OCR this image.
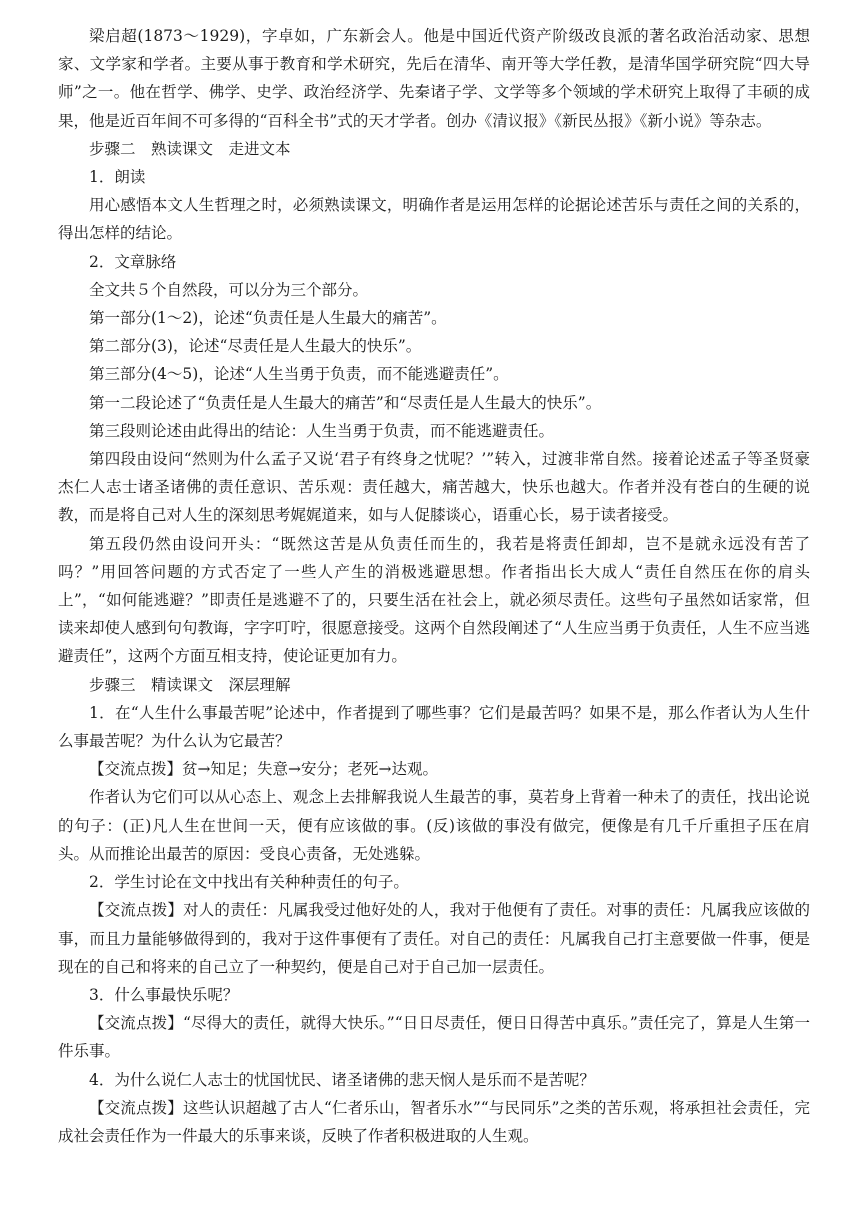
梁启超(1873～1929)，字卓如，广东新会人。他是中国近代资产阶级改良派的著名政治活动家、思想家、文学家和学者。主要从事于教育和学术研究，先后在清华、南开等大学任教，是清华国学研究院“四大导师”之一。他在哲学、佛学、史学、政治经济学、先秦诸子学、文学等多个领域的学术研究上取得了丰硕的成果，他是近百年间不可多得的“百科全书”式的天才学者。创办《清议报》《新民丛报》《新小说》等杂志。

步骤二　熟读课文　走进文本

1．朗读

用心感悟本文人生哲理之时，必须熟读课文，明确作者是运用怎样的论据论述苦乐与责任之间的关系的，得出怎样的结论。

2．文章脉络

全文共５个自然段，可以分为三个部分。

第一部分(1～2)，论述“负责任是人生最大的痛苦”。

第二部分(3)，论述“尽责任是人生最大的快乐”。

第三部分(4～5)，论述“人生当勇于负责，而不能逃避责任”。

第一二段论述了“负责任是人生最大的痛苦”和“尽责任是人生最大的快乐”。

第三段则论述由此得出的结论：人生当勇于负责，而不能逃避责任。

第四段由设问“然则为什么孟子又说‘君子有终身之忧呢？’”转入，过渡非常自然。接着论述孟子等圣贤豪杰仁人志士诸圣诸佛的责任意识、苦乐观：责任越大，痛苦越大，快乐也越大。作者并没有苍白的生硬的说教，而是将自己对人生的深刻思考娓娓道来，如与人促膝谈心，语重心长，易于读者接受。

第五段仍然由设问开头：“既然这苦是从负责任而生的，我若是将责任卸却，岂不是就永远没有苦了吗？”用回答问题的方式否定了一些人产生的消极逃避思想。作者指出长大成人“责任自然压在你的肩头上”，“如何能逃避？”即责任是逃避不了的，只要生活在社会上，就必须尽责任。这些句子虽然如话家常，但读来却使人感到句句教诲，字字叮咛，很愿意接受。这两个自然段阐述了“人生应当勇于负责任，人生不应当逃避责任”，这两个方面互相支持，使论证更加有力。

步骤三　精读课文　深层理解

1．在“人生什么事最苦呢”论述中，作者提到了哪些事？它们是最苦吗？如果不是，那么作者认为人生什么事最苦呢？为什么认为它最苦？

【交流点拨】贫→知足；失意→安分；老死→达观。

作者认为它们可以从心态上、观念上去排解我说人生最苦的事，莫若身上背着一种未了的责任，找出论说的句子：(正)凡人生在世间一天，便有应该做的事。(反)该做的事没有做完，便像是有几千斤重担子压在肩头。从而推论出最苦的原因：受良心责备，无处逃躲。

2．学生讨论在文中找出有关种种责任的句子。

【交流点拨】对人的责任：凡属我受过他好处的人，我对于他便有了责任。对事的责任：凡属我应该做的事，而且力量能够做得到的，我对于这件事便有了责任。对自己的责任：凡属我自己打主意要做一件事，便是现在的自己和将来的自己立了一种契约，便是自己对于自己加一层责任。

3．什么事最快乐呢？

【交流点拨】“尽得大的责任，就得大快乐。”“日日尽责任，便日日得苦中真乐。”责任完了，算是人生第一件乐事。

4．为什么说仁人志士的忧国忧民、诸圣诸佛的悲天悯人是乐而不是苦呢？

【交流点拨】这些认识超越了古人“仁者乐山，智者乐水”“与民同乐”之类的苦乐观，将承担社会责任，完成社会责任作为一件最大的乐事来谈，反映了作者积极进取的人生观。
